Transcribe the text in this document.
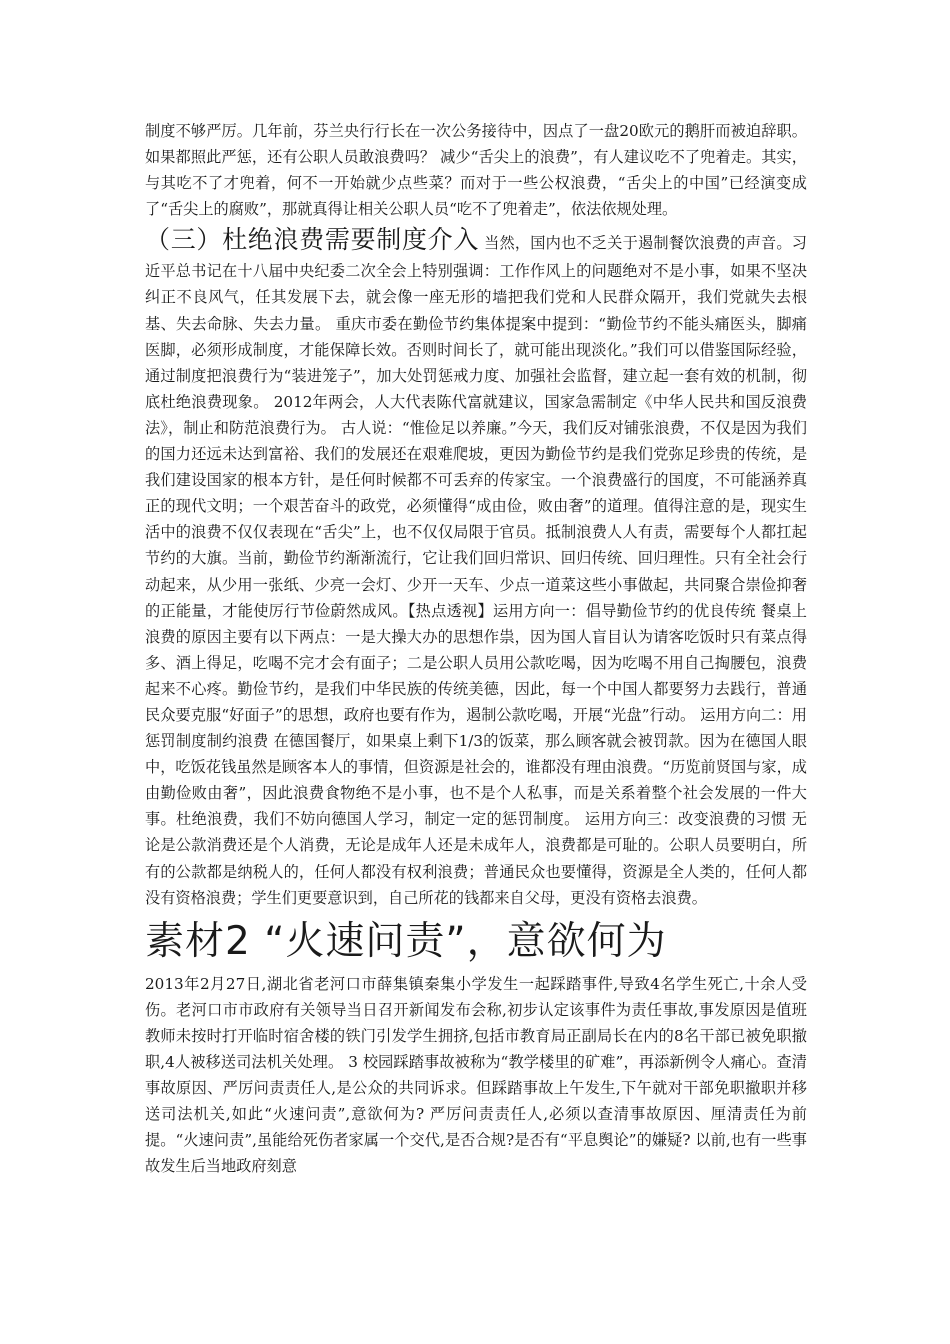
制度不够严厉。几年前，芬兰央行行长在一次公务接待中，因点了一盘20欧元的鹅肝而被迫辞职。如果都照此严惩，还有公职人员敢浪费吗？ 减少“舌尖上的浪费”，有人建议吃不了兜着走。其实，与其吃不了才兜着，何不一开始就少点些菜？而对于一些公权浪费，“舌尖上的中国”已经演变成了“舌尖上的腐败”，那就真得让相关公职人员“吃不了兜着走”，依法依规处理。

（三）杜绝浪费需要制度介入 当然，国内也不乏关于遏制餐饮浪费的声音。习近平总书记在十八届中央纪委二次全会上特别强调：工作作风上的问题绝对不是小事，如果不坚决纠正不良风气，任其发展下去，就会像一座无形的墙把我们党和人民群众隔开，我们党就失去根基、失去命脉、失去力量。 重庆市委在勤俭节约集体提案中提到：“勤俭节约不能头痛医头，脚痛医脚，必须形成制度，才能保障长效。否则时间长了，就可能出现淡化。”我们可以借鉴国际经验，通过制度把浪费行为“装进笼子”，加大处罚惩戒力度、加强社会监督，建立起一套有效的机制，彻底杜绝浪费现象。 2012年两会，人大代表陈代富就建议，国家急需制定《中华人民共和国反浪费法》，制止和防范浪费行为。 古人说：“惟俭足以养廉。”今天，我们反对铺张浪费，不仅是因为我们的国力还远未达到富裕、我们的发展还在艰难爬坡，更因为勤俭节约是我们党弥足珍贵的传统，是我们建设国家的根本方针，是任何时候都不可丢弃的传家宝。一个浪费盛行的国度，不可能涵养真正的现代文明；一个艰苦奋斗的政党，必须懂得“成由俭，败由奢”的道理。值得注意的是，现实生活中的浪费不仅仅表现在“舌尖”上，也不仅仅局限于官员。抵制浪费人人有责，需要每个人都扛起节约的大旗。当前，勤俭节约渐渐流行，它让我们回归常识、回归传统、回归理性。只有全社会行动起来，从少用一张纸、少亮一会灯、少开一天车、少点一道菜这些小事做起，共同聚合崇俭抑奢的正能量，才能使厉行节俭蔚然成风。【热点透视】运用方向一：倡导勤俭节约的优良传统 餐桌上浪费的原因主要有以下两点：一是大操大办的思想作祟，因为国人盲目认为请客吃饭时只有菜点得多、酒上得足，吃喝不完才会有面子；二是公职人员用公款吃喝，因为吃喝不用自己掏腰包，浪费起来不心疼。勤俭节约，是我们中华民族的传统美德，因此，每一个中国人都要努力去践行，普通民众要克服“好面子”的思想，政府也要有作为，遏制公款吃喝，开展“光盘”行动。 运用方向二：用惩罚制度制约浪费 在德国餐厅，如果桌上剩下1/3的饭菜，那么顾客就会被罚款。因为在德国人眼中，吃饭花钱虽然是顾客本人的事情，但资源是社会的，谁都没有理由浪费。“历览前贤国与家，成由勤俭败由奢”，因此浪费食物绝不是小事，也不是个人私事，而是关系着整个社会发展的一件大事。杜绝浪费，我们不妨向德国人学习，制定一定的惩罚制度。 运用方向三：改变浪费的习惯 无论是公款消费还是个人消费，无论是成年人还是未成年人，浪费都是可耻的。公职人员要明白，所有的公款都是纳税人的，任何人都没有权利浪费；普通民众也要懂得，资源是全人类的，任何人都没有资格浪费；学生们更要意识到，自己所花的钱都来自父母，更没有资格去浪费。

素材2 “火速问责”，意欲何为

2013年2月27日,湖北省老河口市薛集镇秦集小学发生一起踩踏事件,导致4名学生死亡,十余人受伤。老河口市市政府有关领导当日召开新闻发布会称,初步认定该事件为责任事故,事发原因是值班教师未按时打开临时宿舍楼的铁门引发学生拥挤,包括市教育局正副局长在内的8名干部已被免职撤职,4人被移送司法机关处理。 3 校园踩踏事故被称为“教学楼里的矿难”，再添新例令人痛心。查清事故原因、严厉问责责任人,是公众的共同诉求。但踩踏事故上午发生,下午就对干部免职撤职并移送司法机关,如此“火速问责”,意欲何为? 严厉问责责任人,必须以查清事故原因、厘清责任为前提。“火速问责”,虽能给死伤者家属一个交代,是否合规?是否有“平息舆论”的嫌疑? 以前,也有一些事故发生后当地政府刻意
